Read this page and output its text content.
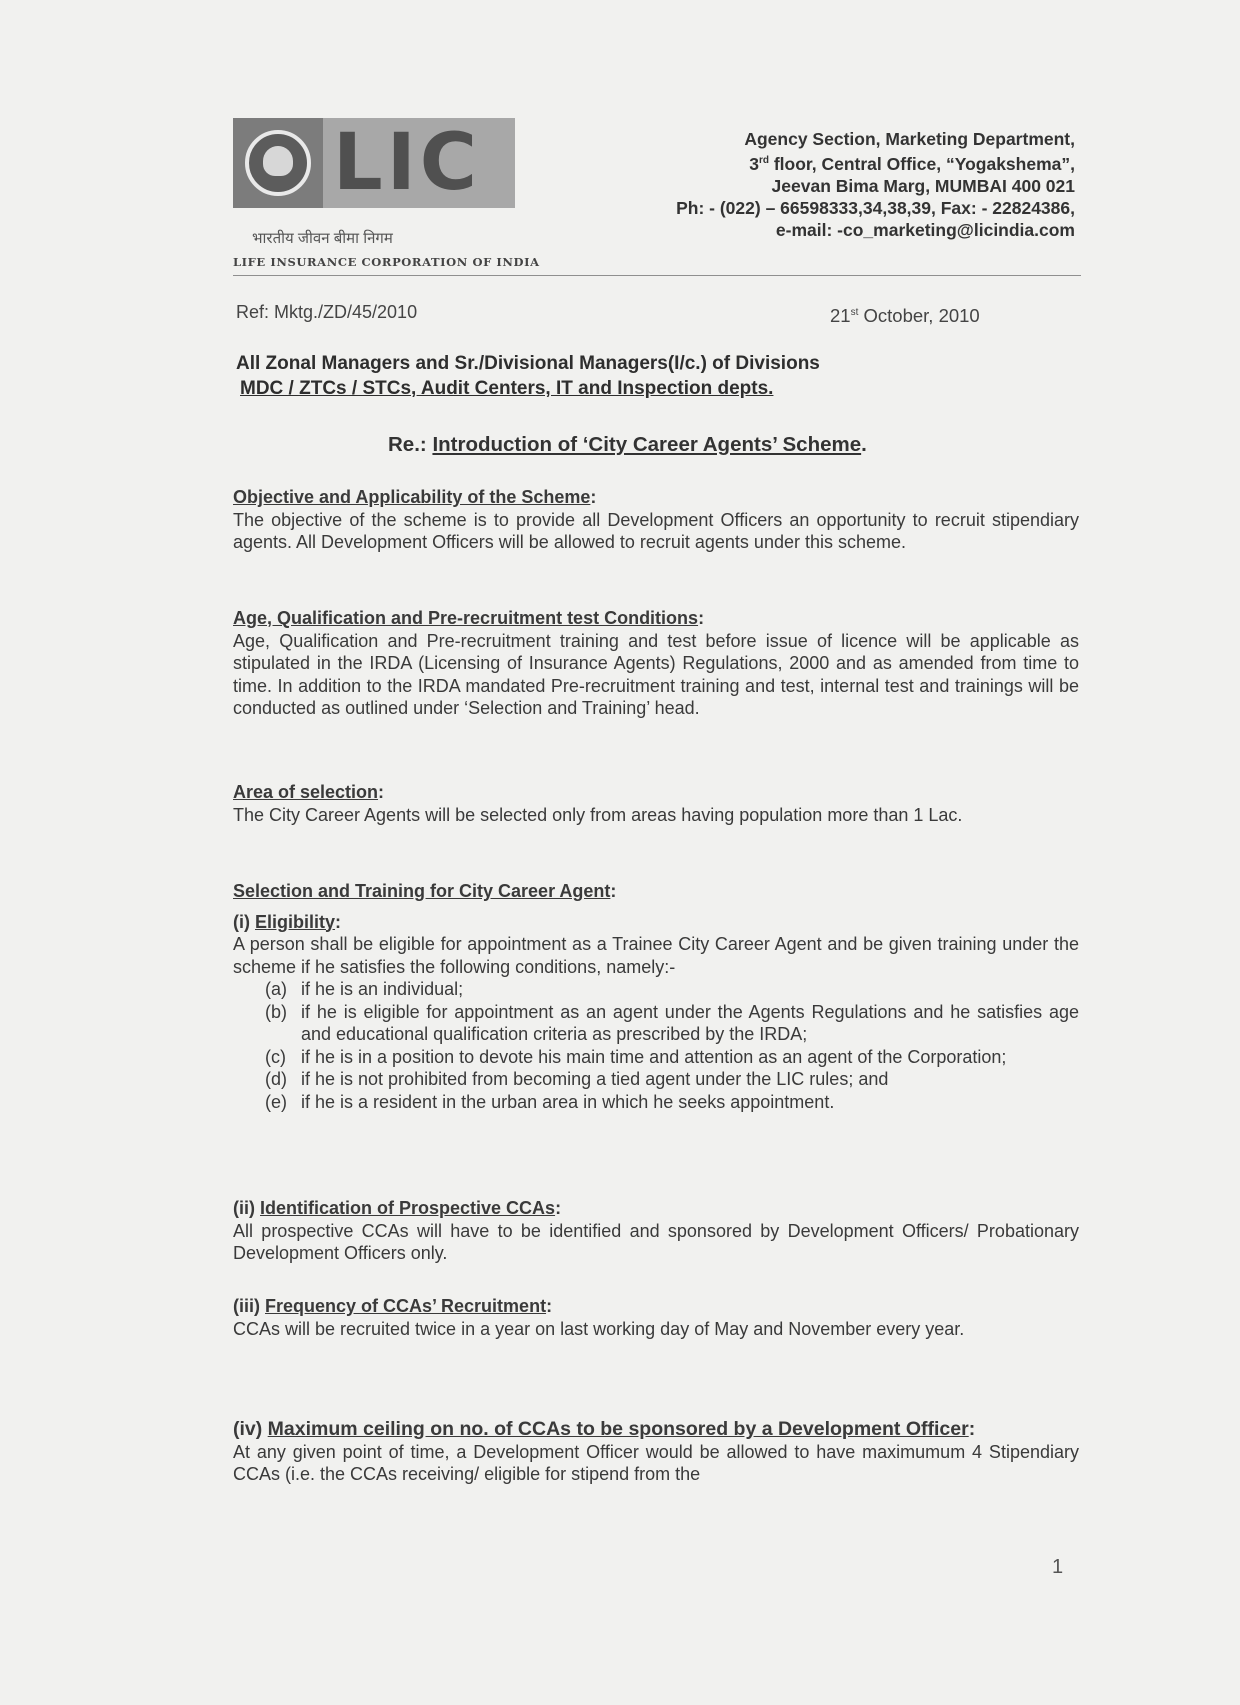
LIC
भारतीय जीवन बीमा निगम
LIFE INSURANCE CORPORATION OF INDIA
Agency Section, Marketing Department,
3rd floor, Central Office, “Yogakshema”,
Jeevan Bima Marg, MUMBAI 400 021
Ph: - (022) – 66598333,34,38,39, Fax: - 22824386,
e-mail: -co_marketing@licindia.com
Ref: Mktg./ZD/45/2010	21st October, 2010
All Zonal Managers and Sr./Divisional Managers(I/c.) of Divisions
MDC / ZTCs / STCs, Audit Centers, IT and Inspection depts.
Re.: Introduction of ‘City Career Agents’ Scheme.
Objective and Applicability of the Scheme:
The objective of the scheme is to provide all Development Officers an opportunity to recruit stipendiary agents. All Development Officers will be allowed to recruit agents under this scheme.
Age, Qualification and Pre-recruitment test Conditions:
Age, Qualification and Pre-recruitment training and test before issue of licence will be applicable as stipulated in the IRDA (Licensing of Insurance Agents) Regulations, 2000 and as amended from time to time. In addition to the IRDA mandated Pre-recruitment training and test, internal test and trainings will be conducted as outlined under ‘Selection and Training’ head.
Area of selection:
The City Career Agents will be selected only from areas having population more than 1 Lac.
Selection and Training for City Career Agent:
(i) Eligibility:
A person shall be eligible for appointment as a Trainee City Career Agent and be given training under the scheme if he satisfies the following conditions, namely:-
(a) if he is an individual;
(b) if he is eligible for appointment as an agent under the Agents Regulations and he satisfies age and educational qualification criteria as prescribed by the IRDA;
(c) if he is in a position to devote his main time and attention as an agent of the Corporation;
(d) if he is not prohibited from becoming a tied agent under the LIC rules; and
(e) if he is a resident in the urban area in which he seeks appointment.
(ii) Identification of Prospective CCAs:
All prospective CCAs will have to be identified and sponsored by Development Officers/ Probationary Development Officers only.
(iii) Frequency of CCAs’ Recruitment:
CCAs will be recruited twice in a year on last working day of May and November every year.
(iv) Maximum ceiling on no. of CCAs to be sponsored by a Development Officer:
At any given point of time, a Development Officer would be allowed to have maximumum 4 Stipendiary CCAs (i.e. the CCAs receiving/ eligible for stipend from the
1
